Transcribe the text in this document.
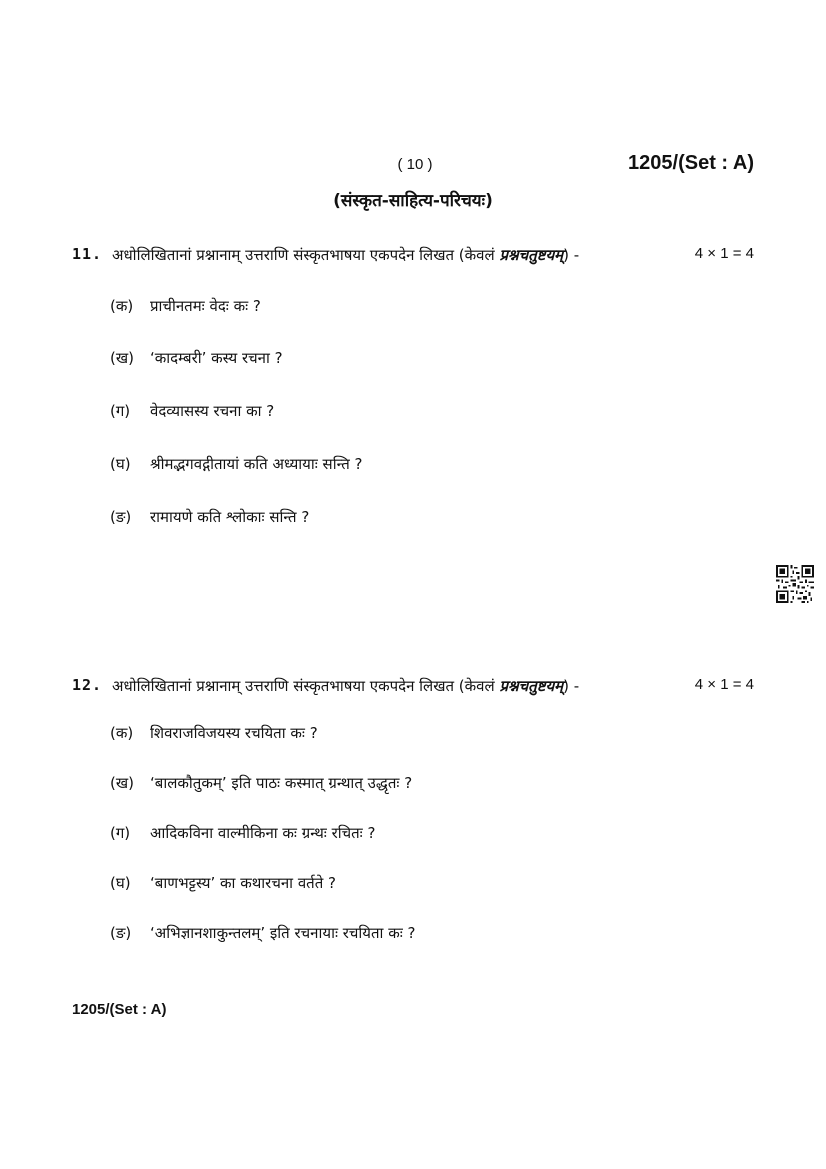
( 10 )	1205/(Set : A)
(संस्कृत-साहित्य-परिचयः)
11. अधोलिखितानां प्रश्नानाम् उत्तराणि संस्कृतभाषया एकपदेन लिखत (केवलं प्रश्नचतुष्टयम्) -	4 × 1 = 4
(क) प्राचीनतमः वेदः कः ?
(ख) ‘कादम्बरी’ कस्य रचना ?
(ग) वेदव्यासस्य रचना का ?
(घ) श्रीमद्भगवद्गीतायां कति अध्यायाः सन्ति ?
(ङ) रामायणे कति श्लोकाः सन्ति ?
12. अधोलिखितानां प्रश्नानाम् उत्तराणि संस्कृतभाषया एकपदेन लिखत (केवलं प्रश्नचतुष्टयम्) -	4 × 1 = 4
(क) शिवराजविजयस्य रचयिता कः ?
(ख) ‘बालकौतुकम्’ इति पाठः कस्मात् ग्रन्थात् उद्धृतः ?
(ग) आदिकविना वाल्मीकिना कः ग्रन्थः रचितः ?
(घ) ‘बाणभट्टस्य’ का कथारचना वर्तते ?
(ङ) ‘अभिज्ञानशाकुन्तलम्’ इति रचनायाः रचयिता कः ?
1205/(Set : A)
